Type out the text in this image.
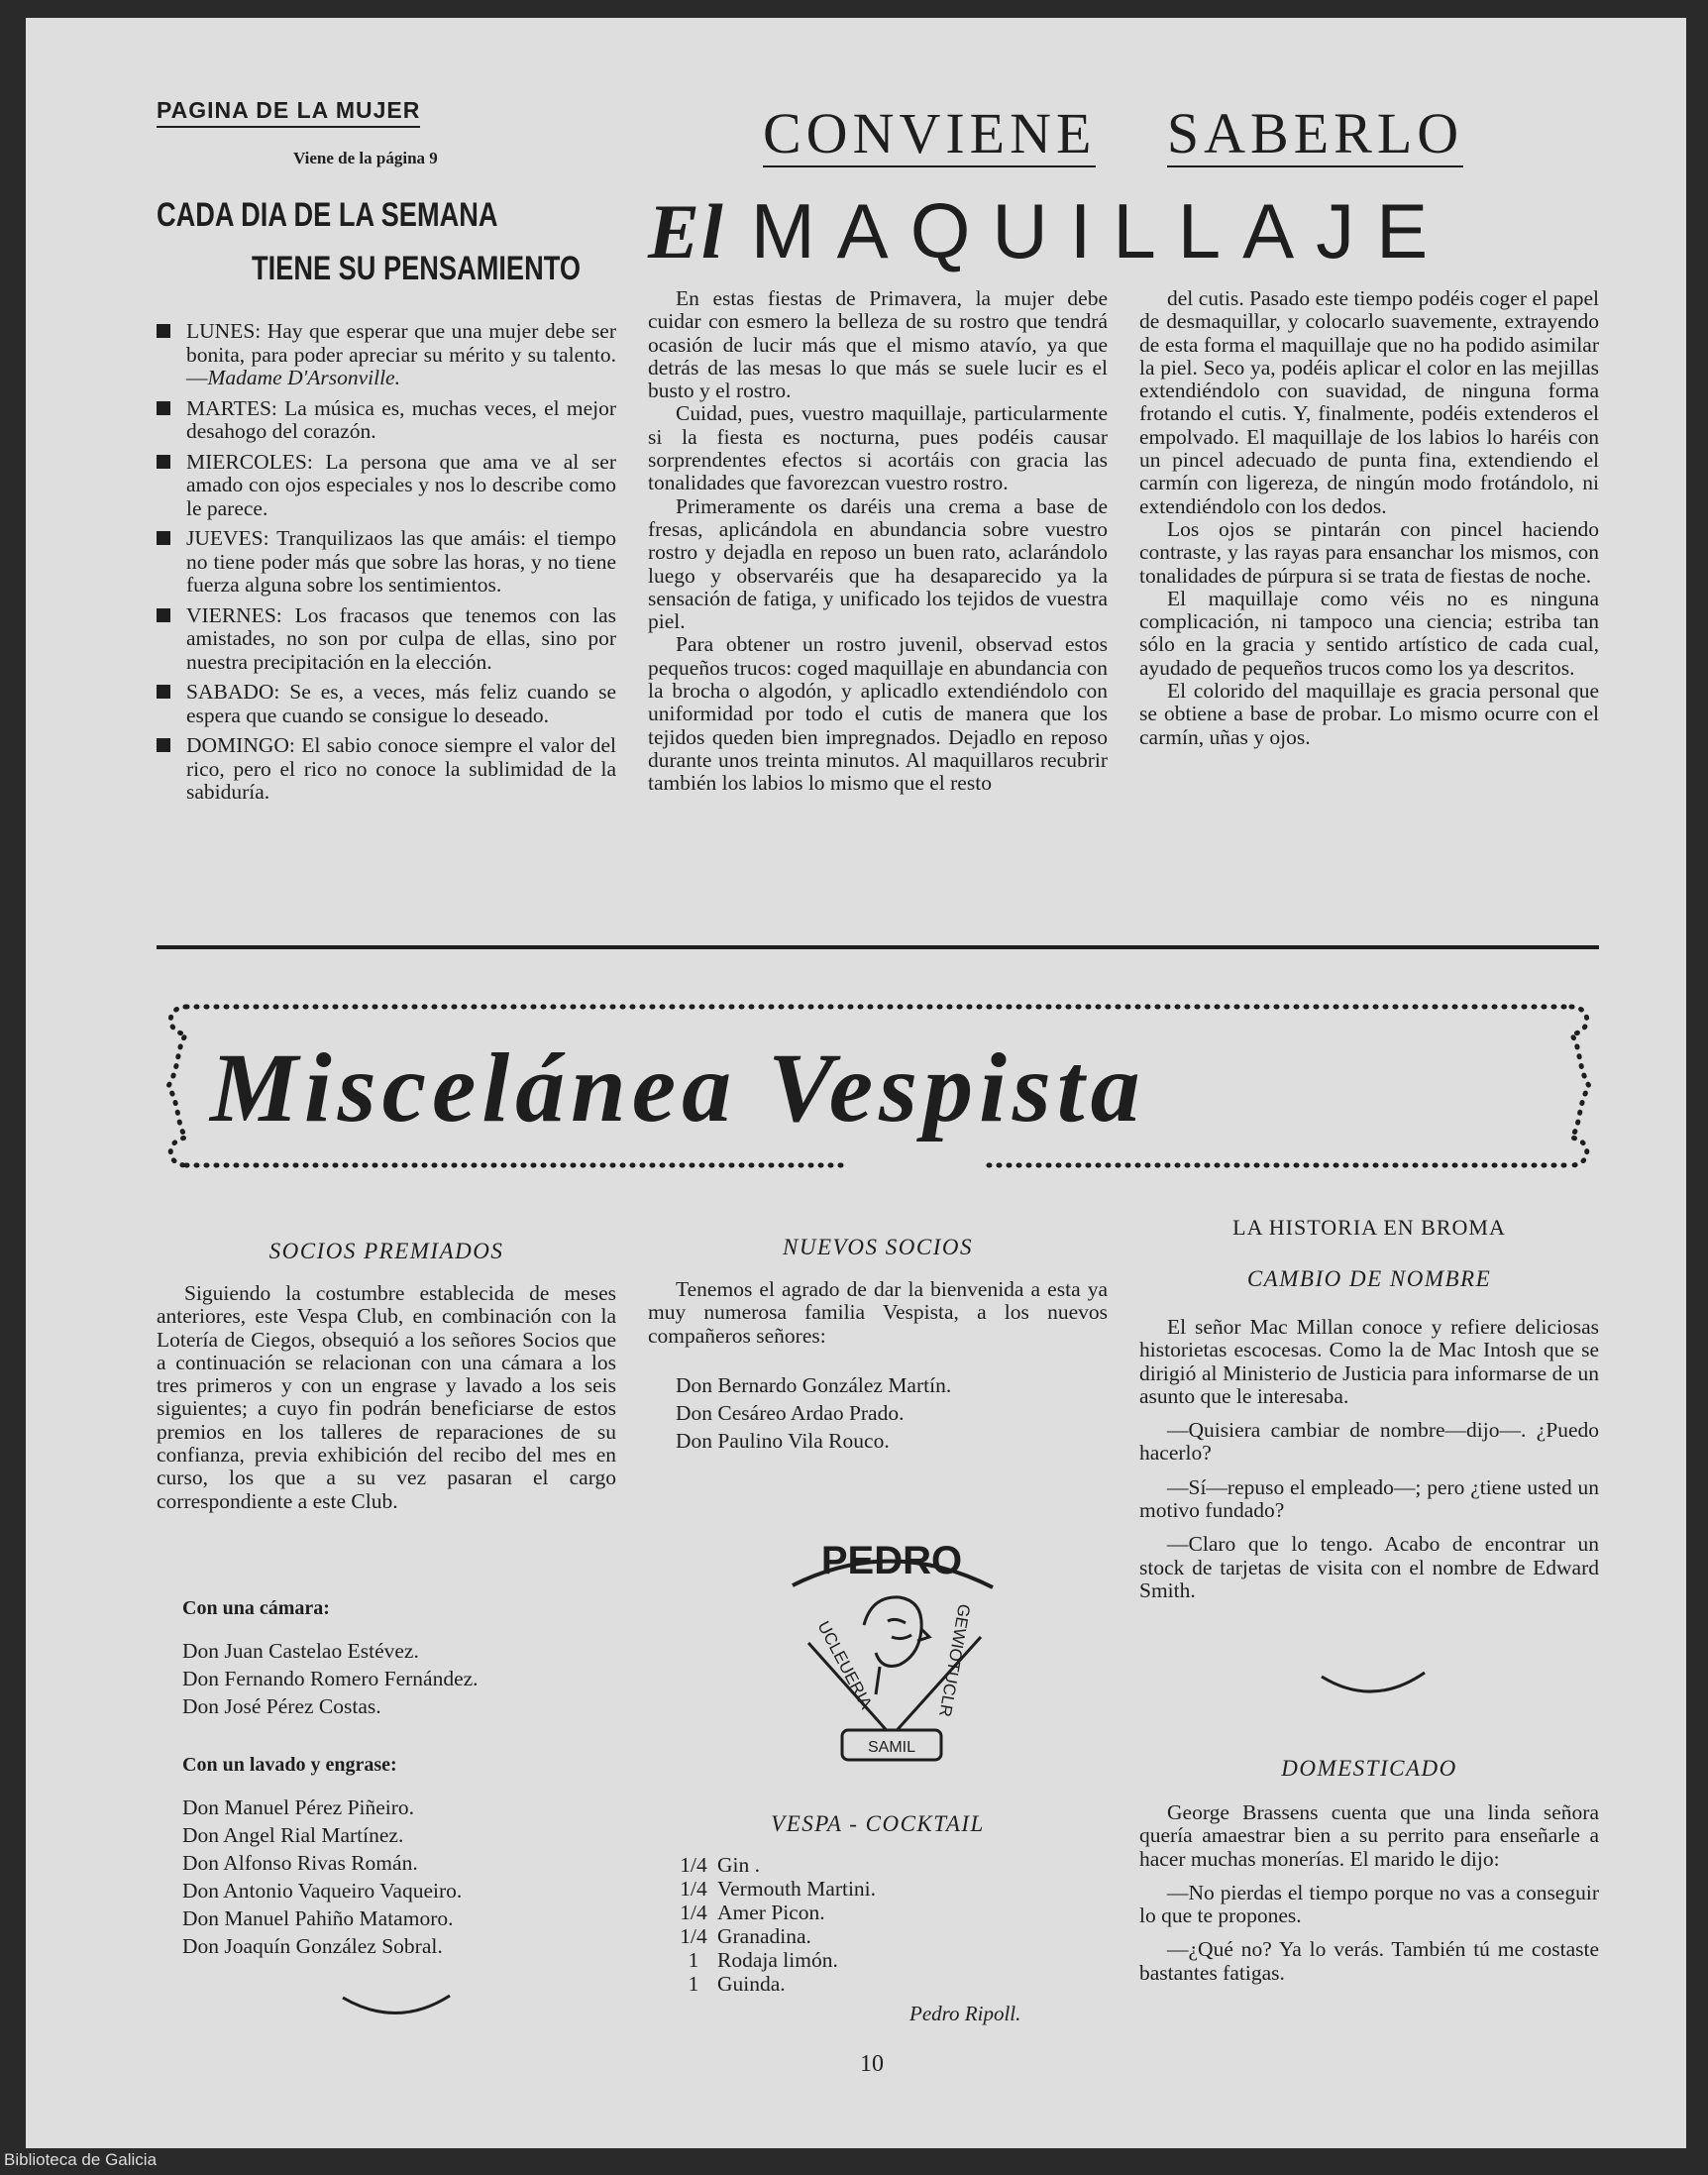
PAGINA DE LA MUJER
Viene de la página 9
CADA DIA DE LA SEMANA
TIENE SU PENSAMIENTO
LUNES: Hay que esperar que una mujer debe ser bonita, para poder apreciar su mérito y su talento.—Madame D'Arsonville.
MARTES: La música es, muchas veces, el mejor desahogo del corazón.
MIERCOLES: La persona que ama ve al ser amado con ojos especiales y nos lo describe como le parece.
JUEVES: Tranquilizaos las que amáis: el tiempo no tiene poder más que sobre las horas, y no tiene fuerza alguna sobre los sentimientos.
VIERNES: Los fracasos que tenemos con las amistades, no son por culpa de ellas, sino por nuestra precipitación en la elección.
SABADO: Se es, a veces, más feliz cuando se espera que cuando se consigue lo deseado.
DOMINGO: El sabio conoce siempre el valor del rico, pero el rico no conoce la sublimidad de la sabiduría.
CONVIENE SABERLO
El MAQUILLAJE

En estas fiestas de Primavera, la mujer debe cuidar con esmero la belleza de su rostro que tendrá ocasión de lucir más que el mismo atavío, ya que detrás de las mesas lo que más se suele lucir es el busto y el rostro.

Cuidad, pues, vuestro maquillaje, particularmente si la fiesta es nocturna, pues podéis causar sorprendentes efectos si acortáis con gracia las tonalidades que favorezcan vuestro rostro.

Primeramente os daréis una crema a base de fresas, aplicándola en abundancia sobre vuestro rostro y dejadla en reposo un buen rato, aclarándolo luego y observaréis que ha desaparecido ya la sensación de fatiga, y unificado los tejidos de vuestra piel.

Para obtener un rostro juvenil, observad estos pequeños trucos: coged maquillaje en abundancia con la brocha o algodón, y aplicadlo extendiéndolo con uniformidad por todo el cutis de manera que los tejidos queden bien impregnados. Dejadlo en reposo durante unos treinta minutos. Al maquillaros recubrir también los labios lo mismo que el resto

del cutis. Pasado este tiempo podéis coger el papel de desmaquillar, y colocarlo suavemente, extrayendo de esta forma el maquillaje que no ha podido asimilar la piel. Seco ya, podéis aplicar el color en las mejillas extendiéndolo con suavidad, de ninguna forma frotando el cutis. Y, finalmente, podéis extenderos el empolvado. El maquillaje de los labios lo haréis con un pincel adecuado de punta fina, extendiendo el carmín con ligereza, de ningún modo frotándolo, ni extendiéndolo con los dedos.

Los ojos se pintarán con pincel haciendo contraste, y las rayas para ensanchar los mismos, con tonalidades de púrpura si se trata de fiestas de noche.

El maquillaje como véis no es ninguna complicación, ni tampoco una ciencia; estriba tan sólo en la gracia y sentido artístico de cada cual, ayudado de pequeños trucos como los ya descritos.

El colorido del maquillaje es gracia personal que se obtiene a base de probar. Lo mismo ocurre con el carmín, uñas y ojos.

Miscelánea Vespista
SOCIOS PREMIADOS

Siguiendo la costumbre establecida de meses anteriores, este Vespa Club, en combinación con la Lotería de Ciegos, obsequió a los señores Socios que a continuación se relacionan con una cámara a los tres primeros y con un engrase y lavado a los seis siguientes; a cuyo fin podrán beneficiarse de estos premios en los talleres de reparaciones de su confianza, previa exhibición del recibo del mes en curso, los que a su vez pasaran el cargo correspondiente a este Club.

Con una cámara:
Don Juan Castelao Estévez.
Don Fernando Romero Fernández.
Don José Pérez Costas.
Con un lavado y engrase:
Don Manuel Pérez Piñeiro.
Don Angel Rial Martínez.
Don Alfonso Rivas Román.
Don Antonio Vaqueiro Vaqueiro.
Don Manuel Pahiño Matamoro.
Don Joaquín González Sobral.
NUEVOS SOCIOS

Tenemos el agrado de dar la bienvenida a esta ya muy numerosa familia Vespista, a los nuevos compañeros señores:

Don Bernardo González Martín.
Don Cesáreo Ardao Prado.
Don Paulino Vila Rouco.
PEDRO
UCLEUERIA	GEWIOTUCLR
SAMIL
VESPA - COCKTAIL
1/4 Gin .
1/4 Vermouth Martini.
1/4 Amer Picon.
1/4 Granadina.
1 Rodaja limón.
1 Guinda.
Pedro Ripoll.
LA HISTORIA EN BROMA
CAMBIO DE NOMBRE

El señor Mac Millan conoce y refiere deliciosas historietas escocesas. Como la de Mac Intosh que se dirigió al Ministerio de Justicia para informarse de un asunto que le interesaba.

—Quisiera cambiar de nombre—dijo—. ¿Puedo hacerlo?

—Sí—repuso el empleado—; pero ¿tiene usted un motivo fundado?

—Claro que lo tengo. Acabo de encontrar un stock de tarjetas de visita con el nombre de Edward Smith.

DOMESTICADO

George Brassens cuenta que una linda señora quería amaestrar bien a su perrito para enseñarle a hacer muchas monerías. El marido le dijo:

—No pierdas el tiempo porque no vas a conseguir lo que te propones.

—¿Qué no? Ya lo verás. También tú me costaste bastantes fatigas.

10
Biblioteca de Galicia
